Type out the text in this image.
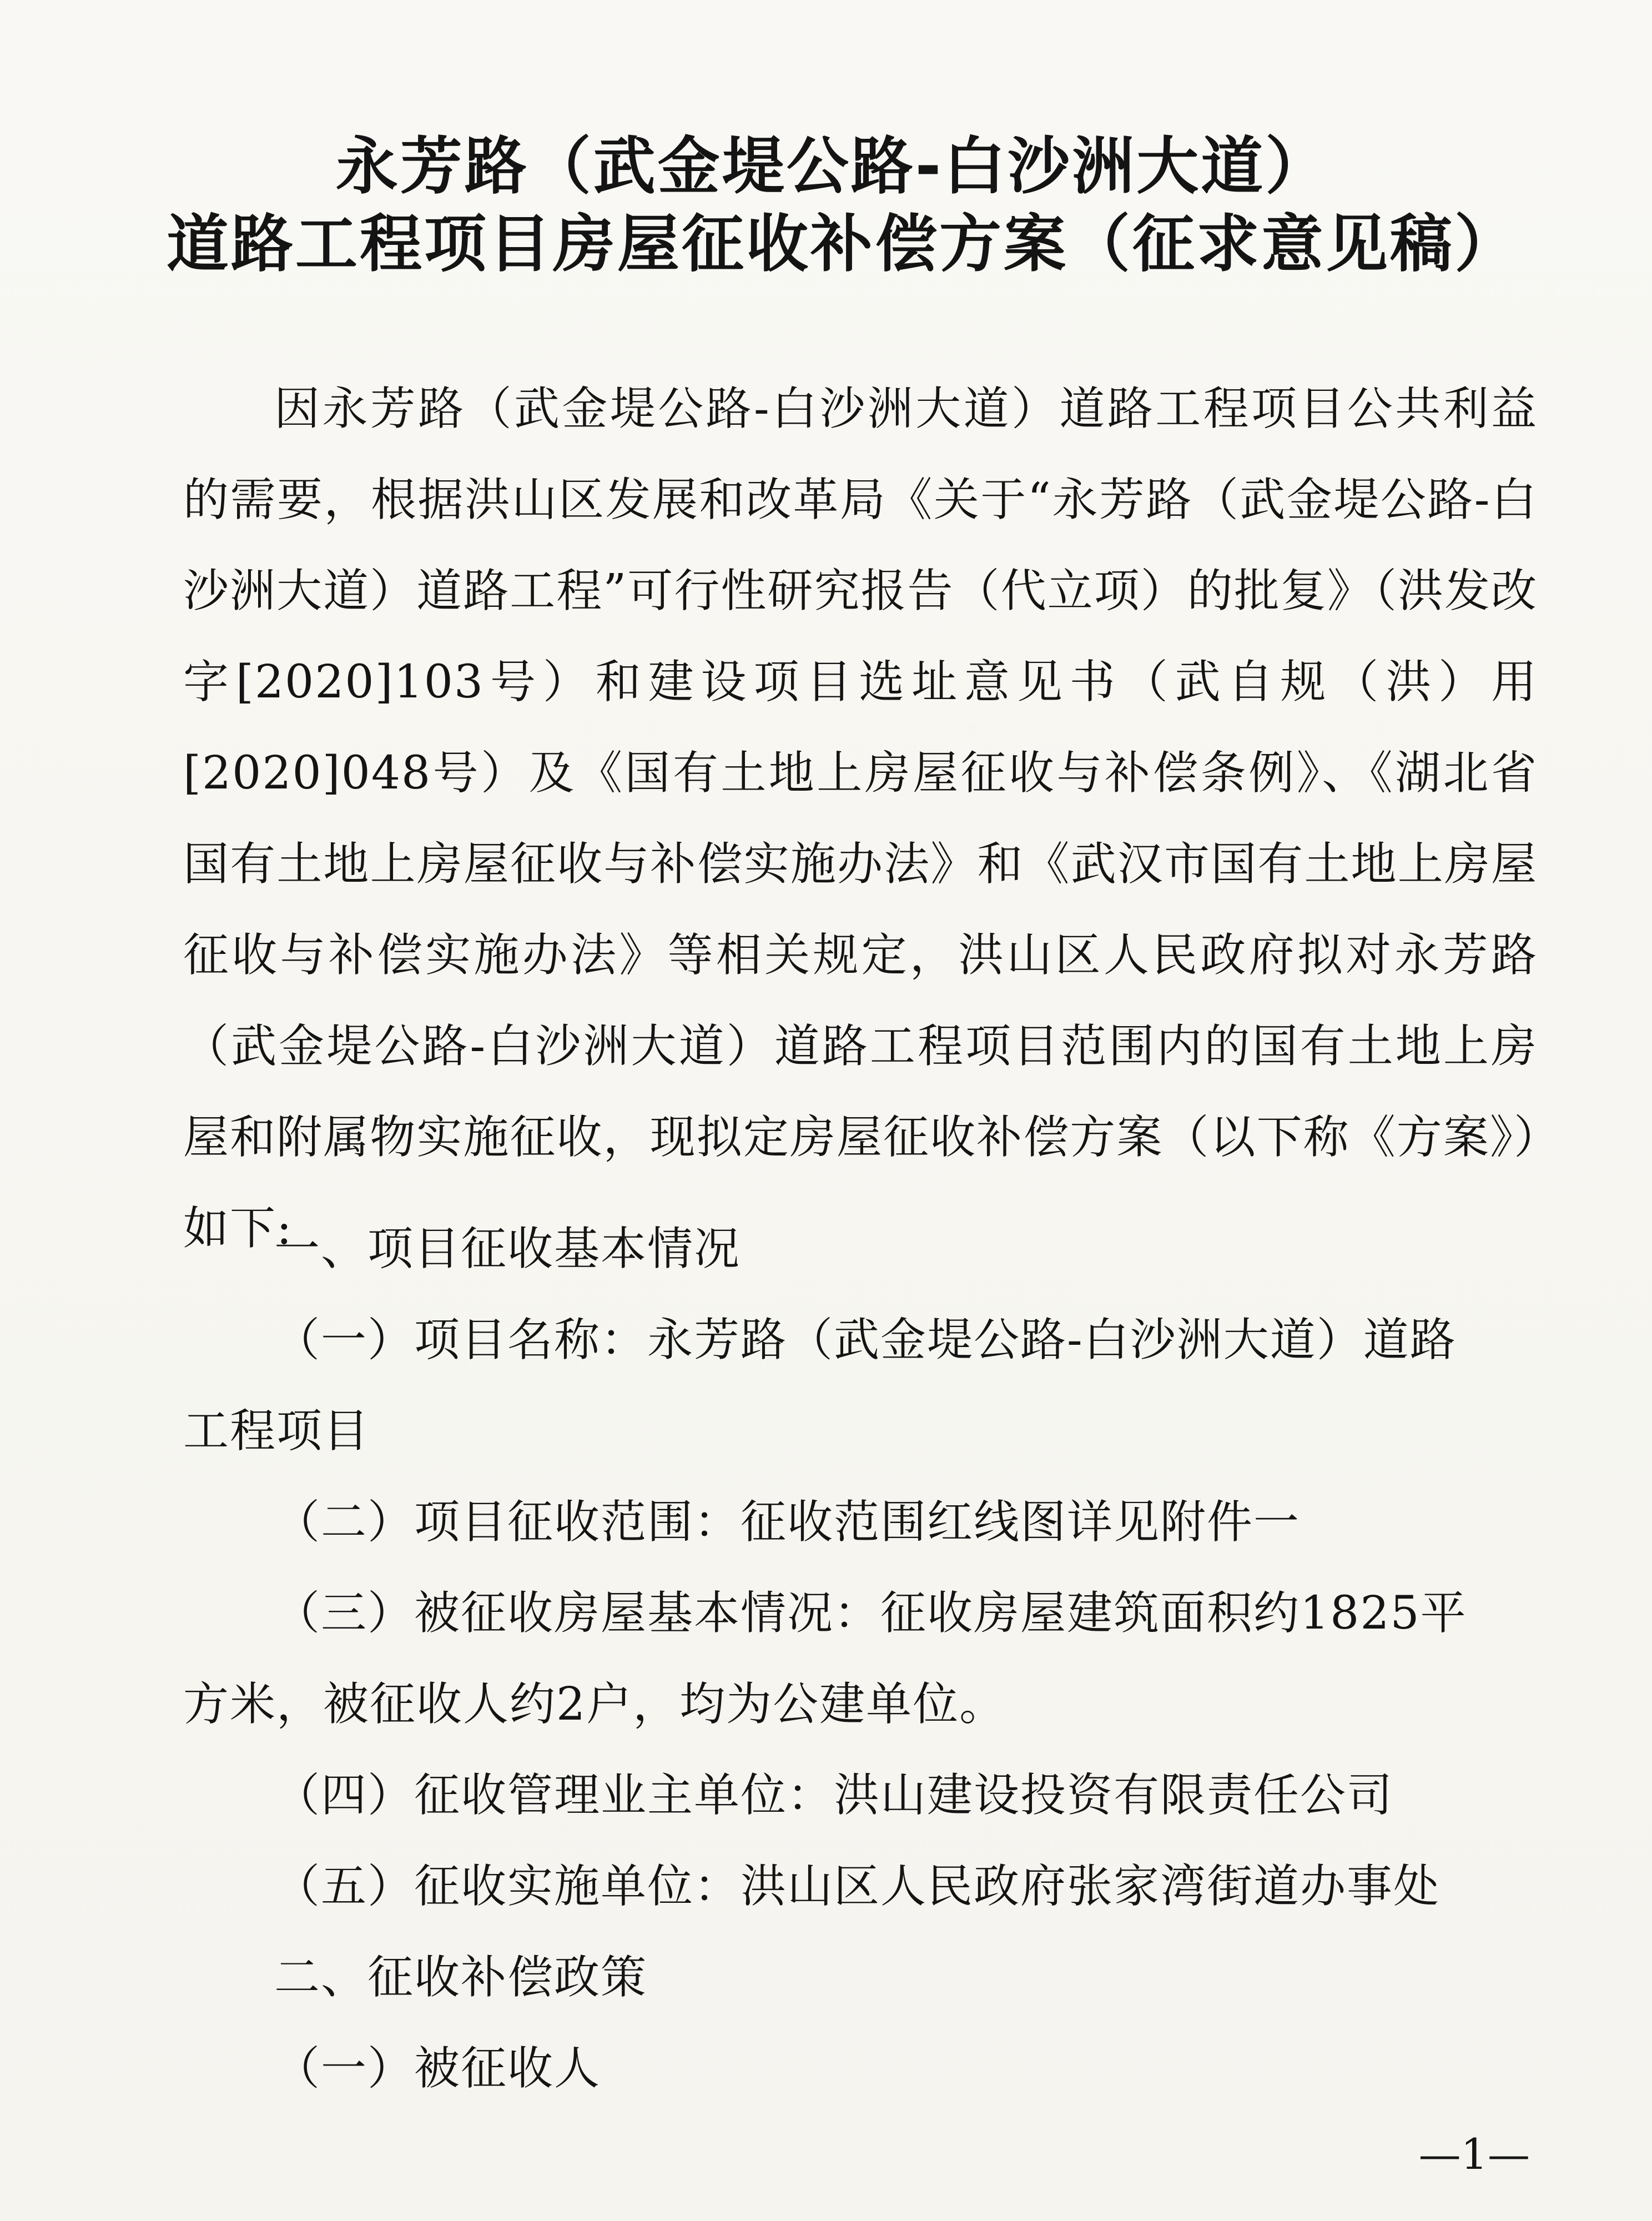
永芳路（武金堤公路-白沙洲大道）
道路工程项目房屋征收补偿方案（征求意见稿）
因永芳路（武金堤公路-白沙洲大道）道路工程项目公共利益的需要，根据洪山区发展和改革局《关于“永芳路（武金堤公路-白沙洲大道）道路工程”可行性研究报告（代立项）的批复》（洪发改字[2020]103号）和建设项目选址意见书（武自规（洪）用[2020]048号）及《国有土地上房屋征收与补偿条例》、《湖北省国有土地上房屋征收与补偿实施办法》和《武汉市国有土地上房屋征收与补偿实施办法》等相关规定，洪山区人民政府拟对永芳路（武金堤公路-白沙洲大道）道路工程项目范围内的国有土地上房屋和附属物实施征收，现拟定房屋征收补偿方案（以下称《方案》）如下:
一、项目征收基本情况
（一）项目名称：永芳路（武金堤公路-白沙洲大道）道路
工程项目
（二）项目征收范围：征收范围红线图详见附件一
（三）被征收房屋基本情况：征收房屋建筑面积约1825平
方米，被征收人约2户，均为公建单位。
（四）征收管理业主单位：洪山建设投资有限责任公司
（五）征收实施单位：洪山区人民政府张家湾街道办事处
二、征收补偿政策
（一）被征收人
—1—
